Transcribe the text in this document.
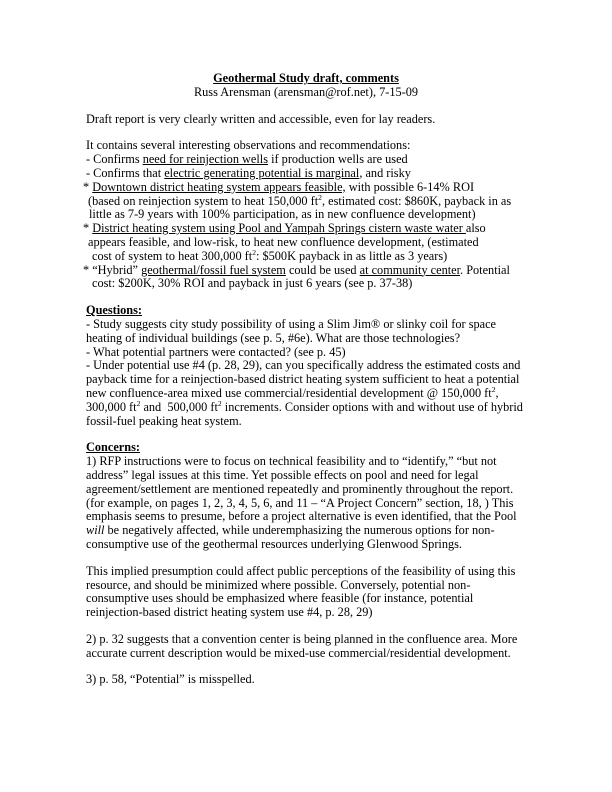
Geothermal Study draft, comments
Russ Arensman (arensman@rof.net), 7-15-09
Draft report is very clearly written and accessible, even for lay readers.
It contains several interesting observations and recommendations:
- Confirms need for reinjection wells if production wells are used
- Confirms that electric generating potential is marginal, and risky
* Downtown district heating system appears feasible, with possible 6-14% ROI
(based on reinjection system to heat 150,000 $ft^2$, estimated cost: $860K, payback in as
little as 7-9 years with 100% participation, as in new confluence development)
* District heating system using Pool and Yampah Springs cistern waste water also
appears feasible, and low-risk, to heat new confluence development, (estimated
cost of system to heat 300,000 $ft^2$: $500K payback in as little as 3 years)
* “Hybrid” geothermal/fossil fuel system could be used at community center. Potential
cost: $200K, 30% ROI and payback in just 6 years (see p. 37-38)
Questions:
- Study suggests city study possibility of using a Slim Jim® or slinky coil for space
heating of individual buildings (see p. 5, #6e). What are those technologies?
- What potential partners were contacted? (see p. 45)
- Under potential use #4 (p. 28, 29), can you specifically address the estimated costs and
payback time for a reinjection-based district heating system sufficient to heat a potential
new confluence-area mixed use commercial/residential development @ 150,000 $ft^2$,
300,000 $ft^2$ and  500,000 $ft^2$ increments. Consider options with and without use of hybrid
fossil-fuel peaking heat system.
Concerns:
1) RFP instructions were to focus on technical feasibility and to “identify,” “but not
address” legal issues at this time. Yet possible effects on pool and need for legal
agreement/settlement are mentioned repeatedly and prominently throughout the report.
(for example, on pages 1, 2, 3, 4, 5, 6, and 11 – “A Project Concern” section, 18, ) This
emphasis seems to presume, before a project alternative is even identified, that the Pool
will be negatively affected, while underemphasizing the numerous options for non-
consumptive use of the geothermal resources underlying Glenwood Springs.
This implied presumption could affect public perceptions of the feasibility of using this
resource, and should be minimized where possible. Conversely, potential non-
consumptive uses should be emphasized where feasible (for instance, potential
reinjection-based district heating system use #4, p. 28, 29)
2) p. 32 suggests that a convention center is being planned in the confluence area. More
accurate current description would be mixed-use commercial/residential development.
3) p. 58, “Potential” is misspelled.
